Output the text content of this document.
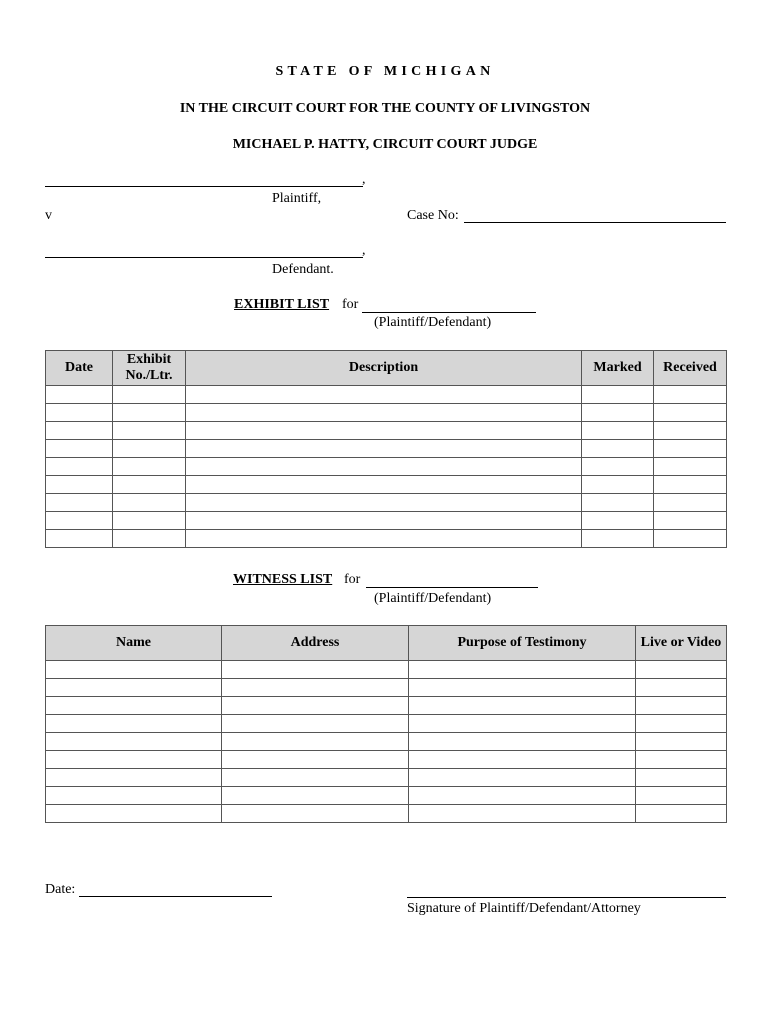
STATE OF MICHIGAN
IN THE CIRCUIT COURT FOR THE COUNTY OF LIVINGSTON
MICHAEL P. HATTY, CIRCUIT COURT JUDGE
,
Plaintiff,
v	Case No:
,
Defendant.
EXHIBIT LIST for
(Plaintiff/Defendant)
Date	Exhibit No./Ltr.	Description	Marked	Received

WITNESS LIST for
(Plaintiff/Defendant)
Name	Address	Purpose of Testimony	Live or Video

Date:
Signature of Plaintiff/Defendant/Attorney
